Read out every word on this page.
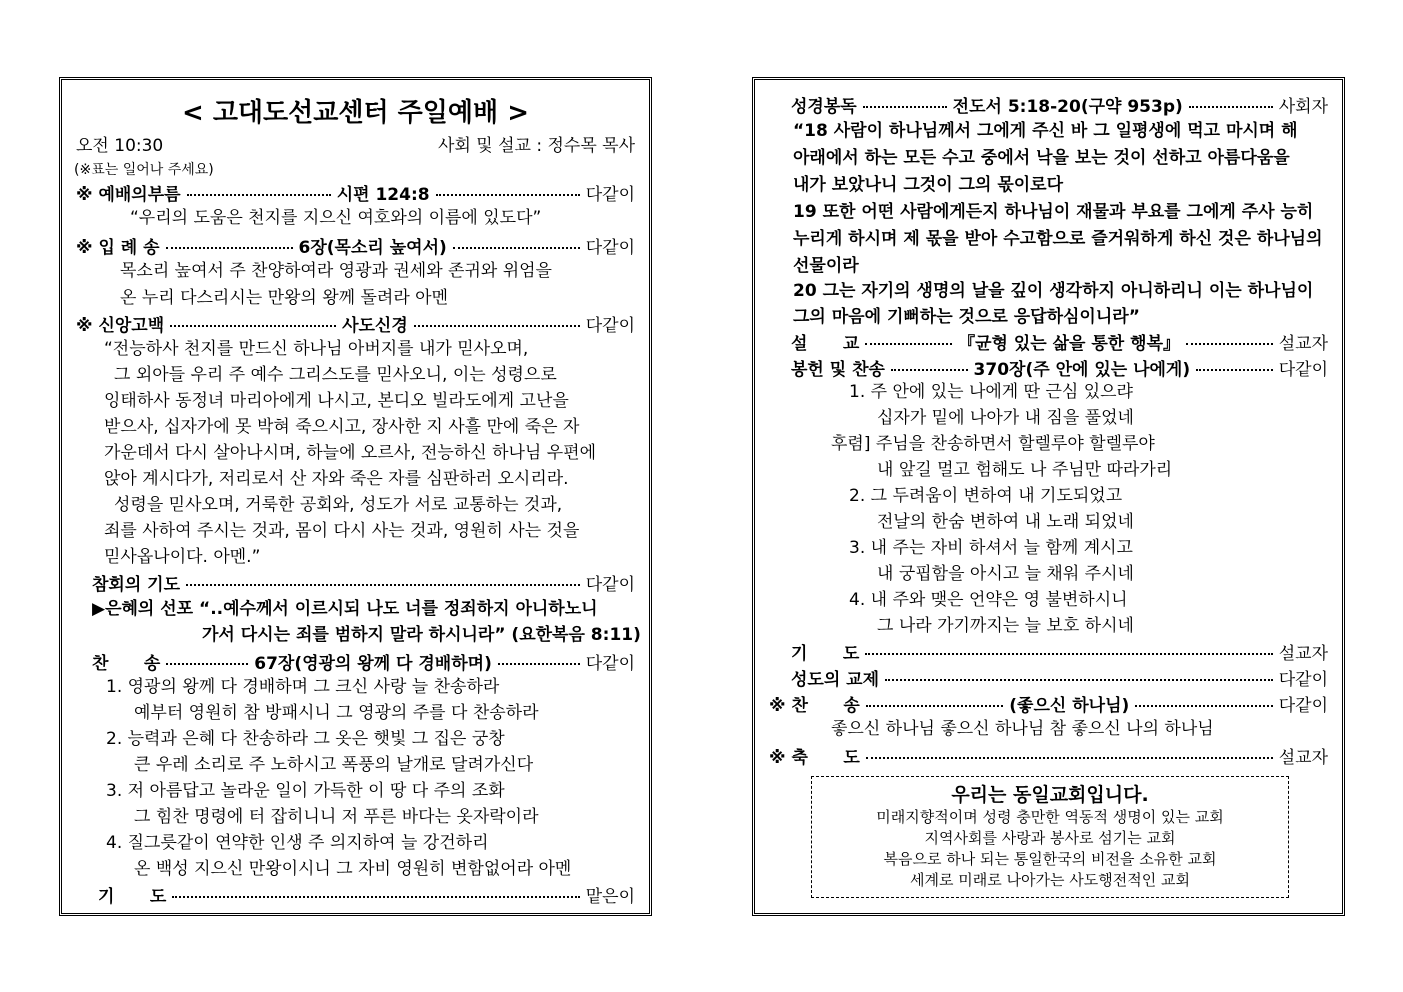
< 고대도선교센터 주일예배 >
오전 10:30	사회 및 설교 : 정수목 목사
(※표는 일어나 주세요)
※ 예배의부름	시편 124:8	다같이
“우리의 도움은 천지를 지으신 여호와의 이름에 있도다”
※ 입 례 송	6장(목소리 높여서)	다같이
목소리 높여서 주 찬양하여라 영광과 권세와 존귀와 위엄을
온 누리 다스리시는 만왕의 왕께 돌려라 아멘
※ 신앙고백	사도신경	다같이
“전능하사 천지를 만드신 하나님 아버지를 내가 믿사오며,
그 외아들 우리 주 예수 그리스도를 믿사오니, 이는 성령으로
잉태하사 동정녀 마리아에게 나시고, 본디오 빌라도에게 고난을
받으사, 십자가에 못 박혀 죽으시고, 장사한 지 사흘 만에 죽은 자
가운데서 다시 살아나시며, 하늘에 오르사, 전능하신 하나님 우편에
앉아 계시다가, 저리로서 산 자와 죽은 자를 심판하러 오시리라.
성령을 믿사오며, 거룩한 공회와, 성도가 서로 교통하는 것과,
죄를 사하여 주시는 것과, 몸이 다시 사는 것과, 영원히 사는 것을
믿사옵나이다. 아멘.”
참회의 기도	다같이
▶은혜의 선포 “..예수께서 이르시되 나도 너를 정죄하지 아니하노니
가서 다시는 죄를 범하지 말라 하시니라” (요한복음 8:11)
찬      송	67장(영광의 왕께 다 경배하며)	다같이
1. 영광의 왕께 다 경배하며 그 크신 사랑 늘 찬송하라
예부터 영원히 참 방패시니 그 영광의 주를 다 찬송하라
2. 능력과 은혜 다 찬송하라 그 옷은 햇빛 그 집은 궁창
큰 우레 소리로 주 노하시고 폭풍의 날개로 달려가신다
3. 저 아름답고 놀라운 일이 가득한 이 땅 다 주의 조화
그 힘찬 명령에 터 잡히니니 저 푸른 바다는 옷자락이라
4. 질그릇같이 연약한 인생 주 의지하여 늘 강건하리
온 백성 지으신 만왕이시니 그 자비 영원히 변함없어라 아멘
기      도	맡은이
성경봉독	전도서 5:18-20(구약 953p)	사회자
“18 사람이 하나님께서 그에게 주신 바 그 일평생에 먹고 마시며 해
아래에서 하는 모든 수고 중에서 낙을 보는 것이 선하고 아름다움을
내가 보았나니 그것이 그의 몫이로다
19 또한 어떤 사람에게든지 하나님이 재물과 부요를 그에게 주사 능히
누리게 하시며 제 몫을 받아 수고함으로 즐거워하게 하신 것은 하나님의
선물이라
20 그는 자기의 생명의 날을 깊이 생각하지 아니하리니 이는 하나님이
그의 마음에 기뻐하는 것으로 응답하심이니라”
설      교	『균형 있는 삶을 통한 행복』	설교자
봉헌 및 찬송	370장(주 안에 있는 나에게)	다같이
1. 주 안에 있는 나에게 딴 근심 있으랴
십자가 밑에 나아가 내 짐을 풀었네
후렴] 주님을 찬송하면서 할렐루야 할렐루야
내 앞길 멀고 험해도 나 주님만 따라가리
2. 그 두려움이 변하여 내 기도되었고
전날의 한숨 변하여 내 노래 되었네
3. 내 주는 자비 하셔서 늘 함께 계시고
내 궁핍함을 아시고 늘 채워 주시네
4. 내 주와 맺은 언약은 영 불변하시니
그 나라 가기까지는 늘 보호 하시네
기      도	설교자
성도의 교제	다같이
※ 찬      송	(좋으신 하나님)	다같이
좋으신 하나님 좋으신 하나님 참 좋으신 나의 하나님
※ 축      도	설교자
우리는 동일교회입니다.
미래지향적이며 성령 충만한 역동적 생명이 있는 교회
지역사회를 사랑과 봉사로 섬기는 교회
복음으로 하나 되는 통일한국의 비전을 소유한 교회
세계로 미래로 나아가는 사도행전적인 교회
